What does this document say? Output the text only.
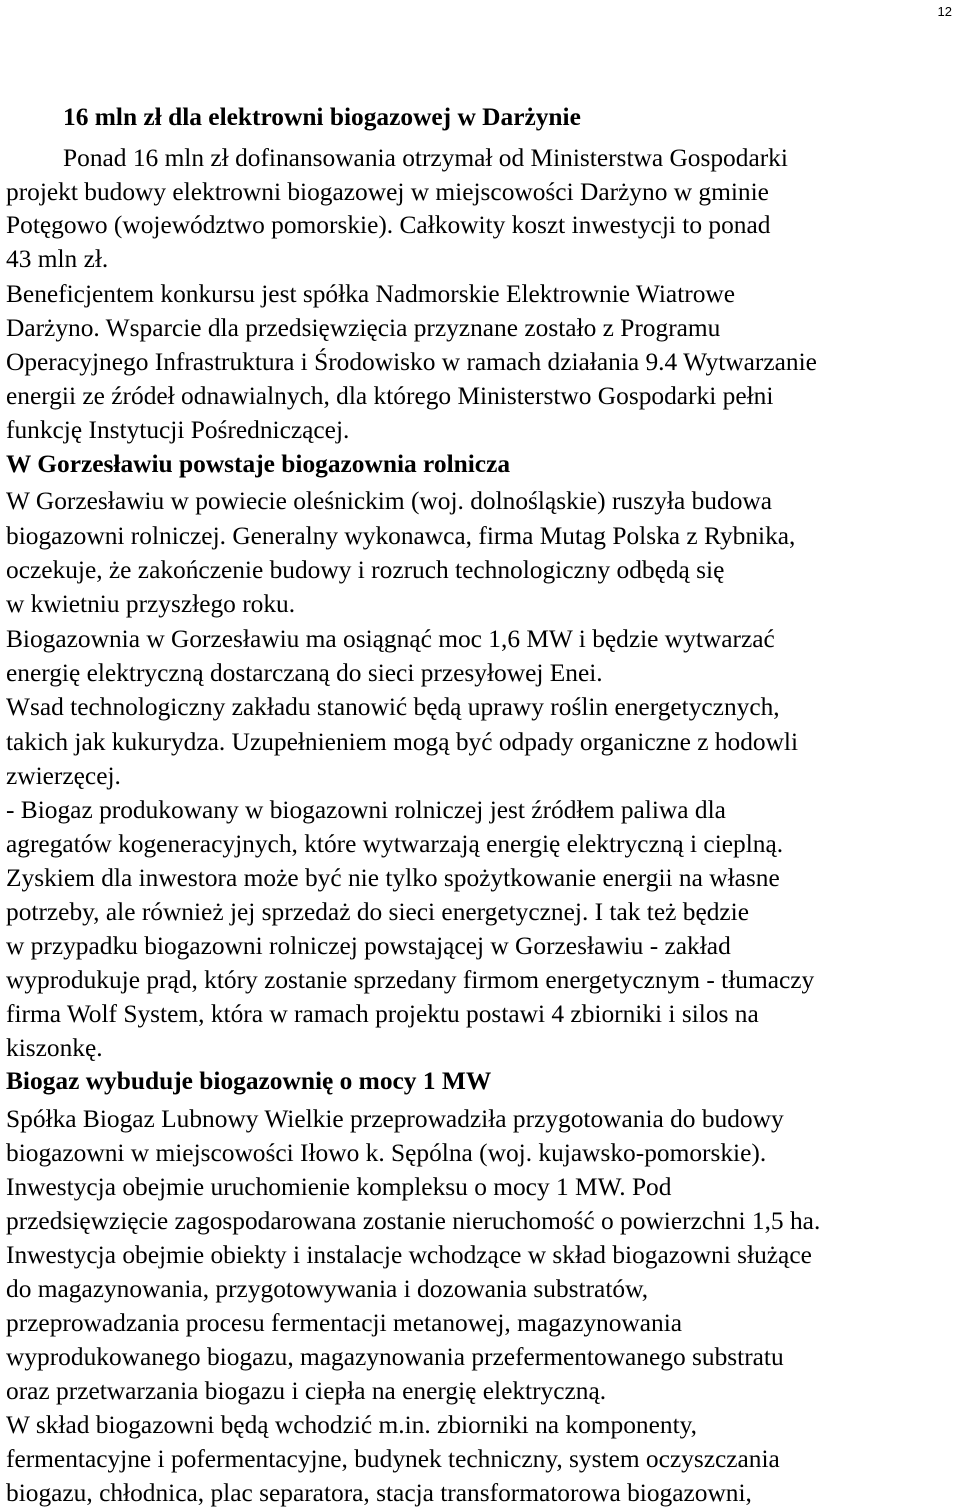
12
16 mln zł dla elektrowni biogazowej w Darżynie
Ponad 16 mln zł dofinansowania otrzymał od Ministerstwa Gospodarki
projekt budowy elektrowni biogazowej w miejscowości Darżyno w gminie
Potęgowo (województwo pomorskie). Całkowity koszt inwestycji to ponad
43 mln zł.
Beneficjentem konkursu jest spółka Nadmorskie Elektrownie Wiatrowe
Darżyno. Wsparcie dla przedsięwzięcia przyznane zostało z Programu
Operacyjnego Infrastruktura i Środowisko w ramach działania 9.4 Wytwarzanie
energii ze źródeł odnawialnych, dla którego Ministerstwo Gospodarki pełni
funkcję Instytucji Pośredniczącej.
W Gorzesławiu powstaje biogazownia rolnicza
W Gorzesławiu w powiecie oleśnickim (woj. dolnośląskie) ruszyła budowa
biogazowni rolniczej. Generalny wykonawca, firma Mutag Polska z Rybnika,
oczekuje, że zakończenie budowy i rozruch technologiczny odbędą się
w kwietniu przyszłego roku.
Biogazownia w Gorzesławiu ma osiągnąć moc 1,6 MW i będzie wytwarzać
energię elektryczną dostarczaną do sieci przesyłowej Enei.
Wsad technologiczny zakładu stanowić będą uprawy roślin energetycznych,
takich jak kukurydza. Uzupełnieniem mogą być odpady organiczne z hodowli
zwierzęcej.
- Biogaz produkowany w biogazowni rolniczej jest źródłem paliwa dla
agregatów kogeneracyjnych, które wytwarzają energię elektryczną i cieplną.
Zyskiem dla inwestora może być nie tylko spożytkowanie energii na własne
potrzeby, ale również jej sprzedaż do sieci energetycznej. I tak też będzie
w przypadku biogazowni rolniczej powstającej w Gorzesławiu - zakład
wyprodukuje prąd, który zostanie sprzedany firmom energetycznym - tłumaczy
firma Wolf System, która w ramach projektu postawi 4 zbiorniki i silos na
kiszonkę.
Biogaz wybuduje biogazownię o mocy 1 MW
Spółka Biogaz Lubnowy Wielkie przeprowadziła przygotowania do budowy
biogazowni w miejscowości Iłowo k. Sępólna (woj. kujawsko-pomorskie).
Inwestycja obejmie uruchomienie kompleksu o mocy 1 MW. Pod
przedsięwzięcie zagospodarowana zostanie nieruchomość o powierzchni 1,5 ha.
Inwestycja obejmie obiekty i instalacje wchodzące w skład biogazowni służące
do magazynowania, przygotowywania i dozowania substratów,
przeprowadzania procesu fermentacji metanowej, magazynowania
wyprodukowanego biogazu, magazynowania przefermentowanego substratu
oraz przetwarzania biogazu i ciepła na energię elektryczną.
W skład biogazowni będą wchodzić m.in. zbiorniki na komponenty,
fermentacyjne i pofermentacyjne, budynek techniczny, system oczyszczania
biogazu, chłodnica, plac separatora, stacja transformatorowa biogazowni,
